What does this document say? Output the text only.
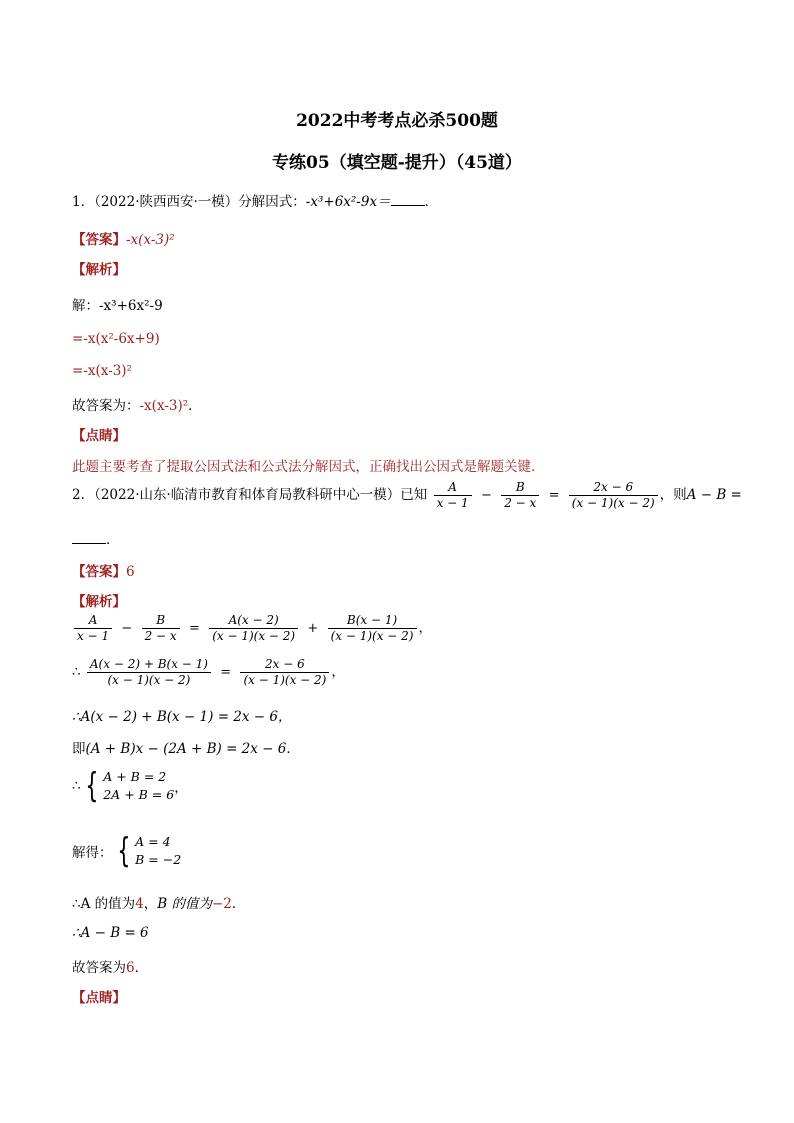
2022中考考点必杀500题
专练05（填空题-提升）（45道）
1．（2022·陕西西安·一模）分解因式：-x³+6x²-9x＝	．
【答案】-x(x-3)²
【解析】
解：-x³+6x²-9
=-x(x²-6x+9)
=-x(x-3)²
故答案为：-x(x-3)²．
【点睛】
此题主要考查了提取公因式法和公式法分解因式，正确找出公因式是解题关键．
2．（2022·山东·临清市教育和体育局教科研中心一模）已知 $\frac{A}{x - 1} - \frac{B}{2 - x} = \frac{2x - 6}{(x - 1)(x - 2)}$ ，则A − B =
．
【答案】6
【解析】
$\frac{A}{x - 1} - \frac{B}{2 - x} = \frac{A(x - 2)}{(x - 1)(x - 2)} + \frac{B(x - 1)}{(x - 1)(x - 2)}$ ，
∴ $\frac{A(x - 2) + B(x - 1)}{(x - 1)(x - 2)} = \frac{2x - 6}{(x - 1)(x - 2)}$ ，
∴A(x − 2) + B(x − 1) = 2x − 6，
即(A + B)x − (2A + B) = 2x − 6．
∴ { A + B = 2
2A + B = 6 ，
解得： { A = 4
B = −2
∴A 的值为4，B 的值为−2．
∴A − B = 6
故答案为6．
【点睛】
